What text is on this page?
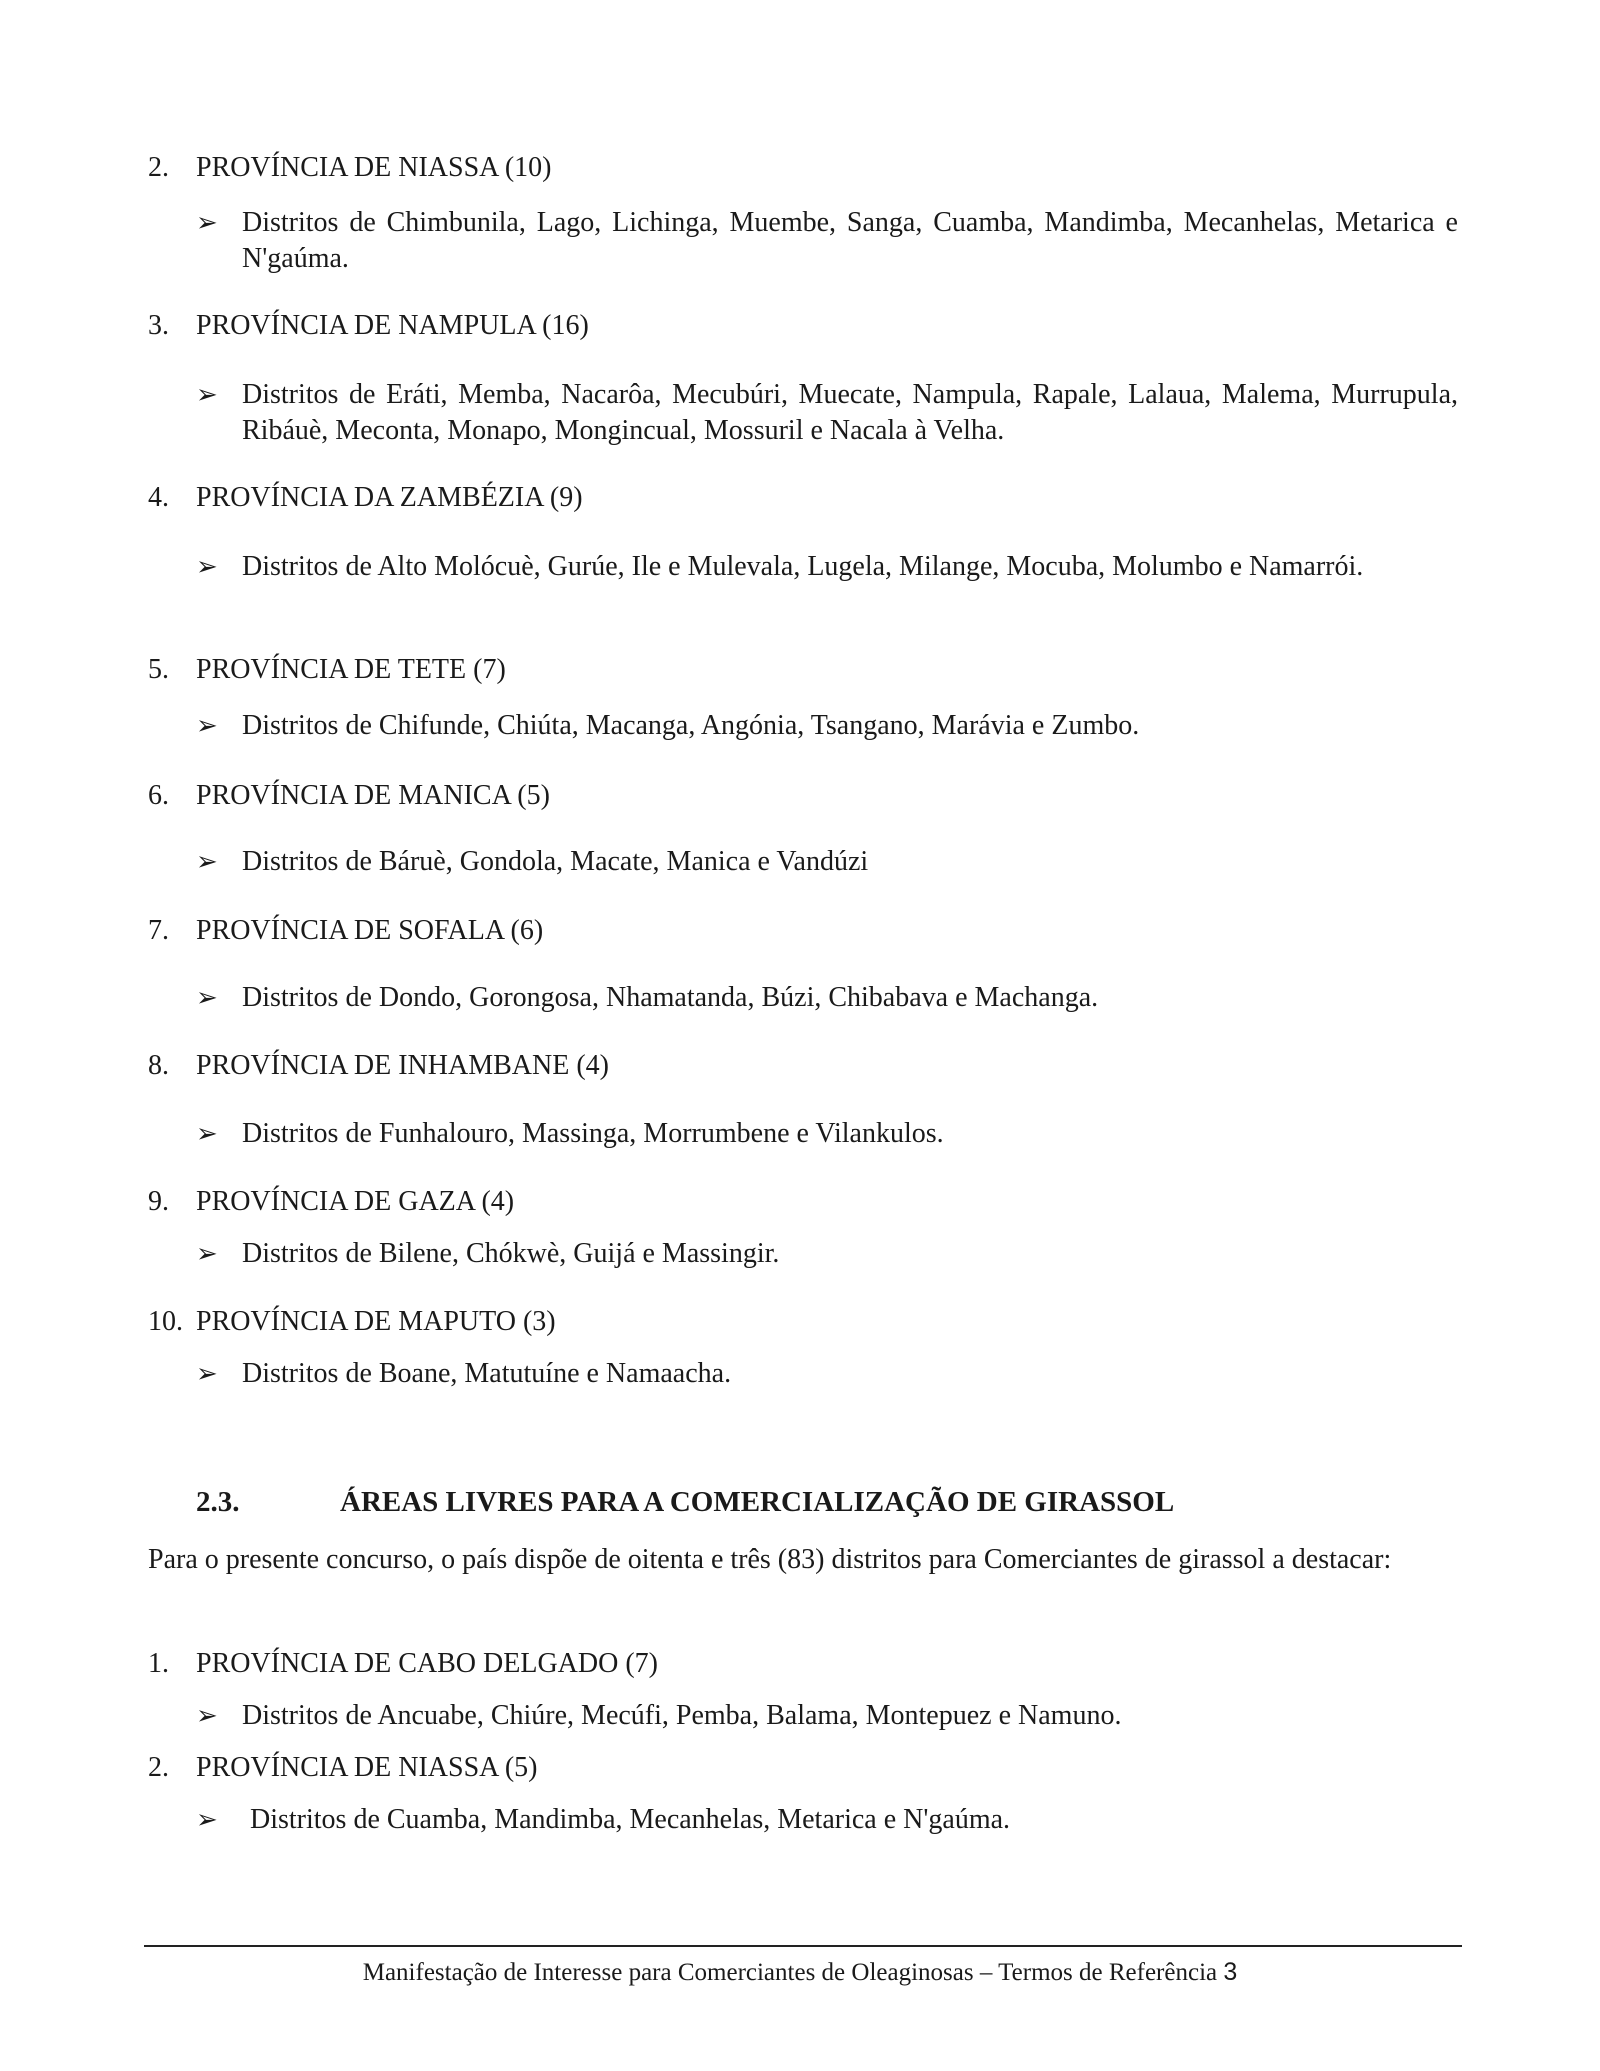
2. PROVÍNCIA DE NIASSA (10)
➢ Distritos de Chimbunila, Lago, Lichinga, Muembe, Sanga, Cuamba, Mandimba, Mecanhelas, Metarica e N'gaúma.
3. PROVÍNCIA DE NAMPULA (16)
➢ Distritos de Eráti, Memba, Nacarôa, Mecubúri, Muecate, Nampula, Rapale, Lalaua, Malema, Murrupula, Ribáuè, Meconta, Monapo, Mongincual, Mossuril e Nacala à Velha.
4. PROVÍNCIA DA ZAMBÉZIA (9)
➢ Distritos de Alto Molócuè, Gurúe, Ile e Mulevala, Lugela, Milange, Mocuba, Molumbo e Namarrói.
5. PROVÍNCIA DE TETE (7)
➢ Distritos de Chifunde, Chiúta, Macanga, Angónia, Tsangano, Marávia e Zumbo.
6. PROVÍNCIA DE MANICA (5)
➢ Distritos de Báruè, Gondola, Macate, Manica e Vandúzi
7. PROVÍNCIA DE SOFALA (6)
➢ Distritos de Dondo, Gorongosa, Nhamatanda, Búzi, Chibabava e Machanga.
8. PROVÍNCIA DE INHAMBANE (4)
➢ Distritos de Funhalouro, Massinga, Morrumbene e Vilankulos.
9. PROVÍNCIA DE GAZA (4)
➢ Distritos de Bilene, Chókwè, Guijá e Massingir.
10. PROVÍNCIA DE MAPUTO (3)
➢ Distritos de Boane, Matutuíne e Namaacha.
2.3.	ÁREAS LIVRES PARA A COMERCIALIZAÇÃO DE GIRASSOL
Para o presente concurso, o país dispõe de oitenta e três (83) distritos para Comerciantes de girassol a destacar:
1. PROVÍNCIA DE CABO DELGADO (7)
➢ Distritos de Ancuabe, Chiúre, Mecúfi, Pemba, Balama, Montepuez e Namuno.
2. PROVÍNCIA DE NIASSA (5)
➢	Distritos de Cuamba, Mandimba, Mecanhelas, Metarica e N'gaúma.
Manifestação de Interesse para Comerciantes de Oleaginosas – Termos de Referência 3
